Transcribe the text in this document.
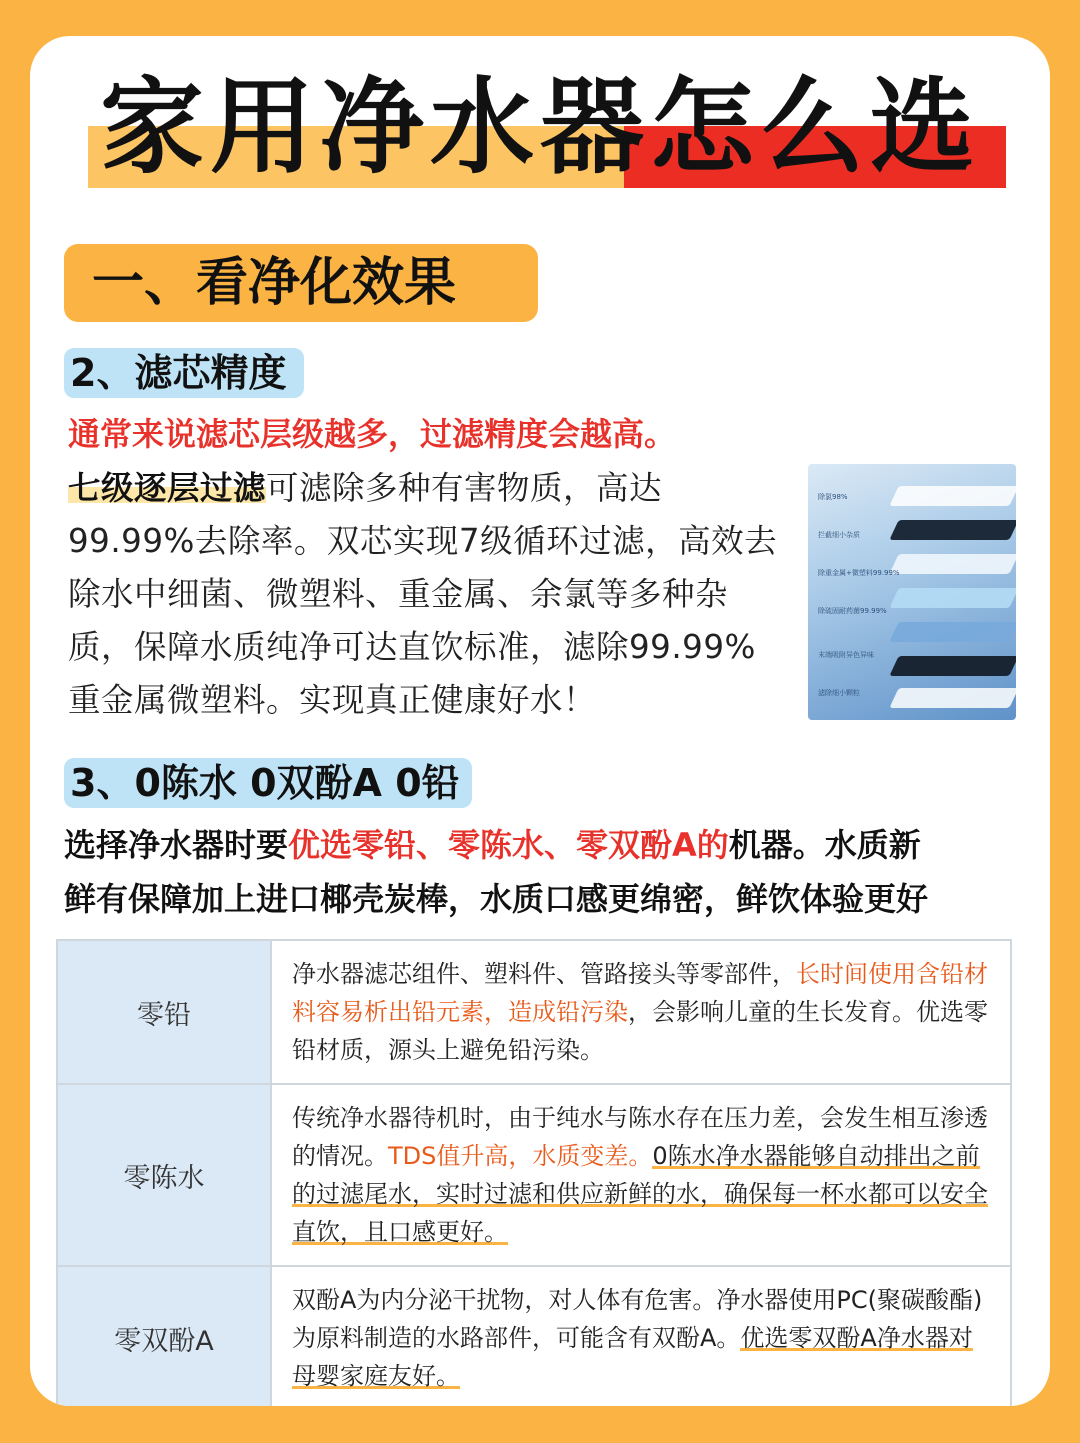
家用净水器怎么选
一、看净化效果
2、滤芯精度
通常来说滤芯层级越多，过滤精度会越高。
七级逐层过滤可滤除多种有害物质，高达99.99%去除率。双芯实现7级循环过滤，高效去除水中细菌、微塑料、重金属、余氯等多种杂质，保障水质纯净可达直饮标准，滤除99.99%重金属微塑料。实现真正健康好水！
除氯98%
拦截细小杂质
除重金属+微塑料99.99%
除硫固耐药菌99.99%
末端吸附异色异味
滤除细小颗粒
3、0陈水 0双酚A 0铅
选择净水器时要优选零铅、零陈水、零双酚A的机器。水质新
鲜有保障加上进口椰壳炭棒，水质口感更绵密，鲜饮体验更好
零铅	净水器滤芯组件、塑料件、管路接头等零部件，长时间使用含铅材料容易析出铅元素，造成铅污染，会影响儿童的生长发育。优选零铅材质，源头上避免铅污染。
零陈水	传统净水器待机时，由于纯水与陈水存在压力差，会发生相互渗透的情况。TDS值升高，水质变差。0陈水净水器能够自动排出之前的过滤尾水，实时过滤和供应新鲜的水，确保每一杯水都可以安全直饮，且口感更好。
零双酚A	双酚A为内分泌干扰物，对人体有危害。净水器使用PC(聚碳酸酯)为原料制造的水路部件，可能含有双酚A。优选零双酚A净水器对母婴家庭友好。
